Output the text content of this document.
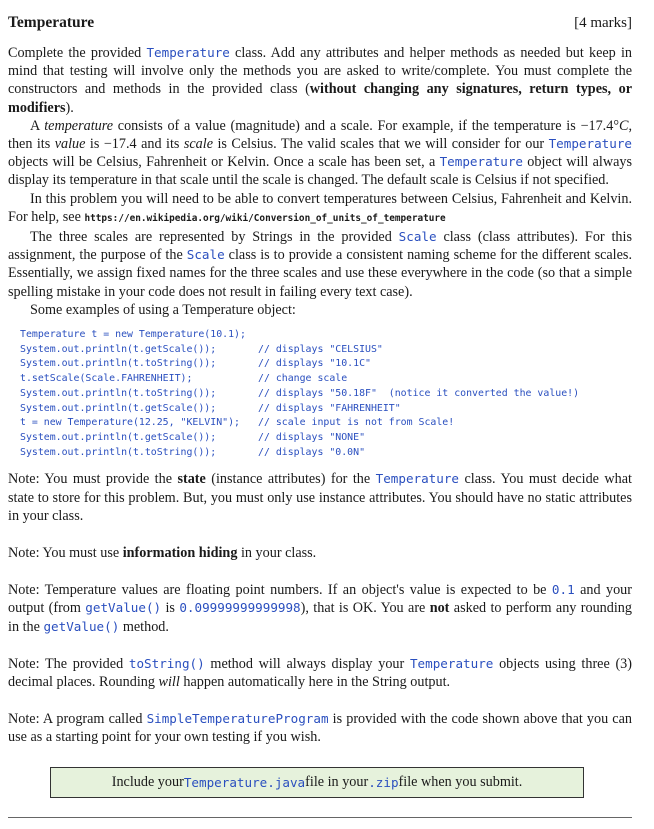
Temperature	[4 marks]

Complete the provided Temperature class. Add any attributes and helper methods as needed but keep in mind that testing will involve only the methods you are asked to write/complete. You must complete the constructors and methods in the provided class (without changing any signatures, return types, or modifiers).

A temperature consists of a value (magnitude) and a scale. For example, if the temperature is −17.4°C, then its value is −17.4 and its scale is Celsius. The valid scales that we will consider for our Temperature objects will be Celsius, Fahrenheit or Kelvin. Once a scale has been set, a Temperature object will always display its temperature in that scale until the scale is changed. The default scale is Celsius if not specified.

In this problem you will need to be able to convert temperatures between Celsius, Fahrenheit and Kelvin. For help, see https://en.wikipedia.org/wiki/Conversion_of_units_of_temperature

The three scales are represented by Strings in the provided Scale class (class attributes). For this assignment, the purpose of the Scale class is to provide a consistent naming scheme for the different scales. Essentially, we assign fixed names for the three scales and use these everywhere in the code (so that a simple spelling mistake in your code does not result in failing every text case).

Some examples of using a Temperature object:

Temperature t = new Temperature(10.1);
System.out.println(t.getScale());	// displays "CELSIUS"
System.out.println(t.toString());	// displays "10.1C"
t.setScale(Scale.FAHRENHEIT);	// change scale
System.out.println(t.toString());	// displays "50.18F"  (notice it converted the value!)
System.out.println(t.getScale());	// displays "FAHRENHEIT"
t = new Temperature(12.25, "KELVIN");	// scale input is not from Scale!
System.out.println(t.getScale());	// displays "NONE"
System.out.println(t.toString());	// displays "0.0N"

Note: You must provide the state (instance attributes) for the Temperature class. You must decide what state to store for this problem. But, you must only use instance attributes. You should have no static attributes in your class.

Note: You must use information hiding in your class.

Note: Temperature values are floating point numbers. If an object's value is expected to be 0.1 and your output (from getValue() is 0.09999999999998), that is OK. You are not asked to perform any rounding in the getValue() method.

Note: The provided toString() method will always display your Temperature objects using three (3) decimal places. Rounding will happen automatically here in the String output.

Note: A program called SimpleTemperatureProgram is provided with the code shown above that you can use as a starting point for your own testing if you wish.

Include your Temperature.java file in your .zip file when you submit.
